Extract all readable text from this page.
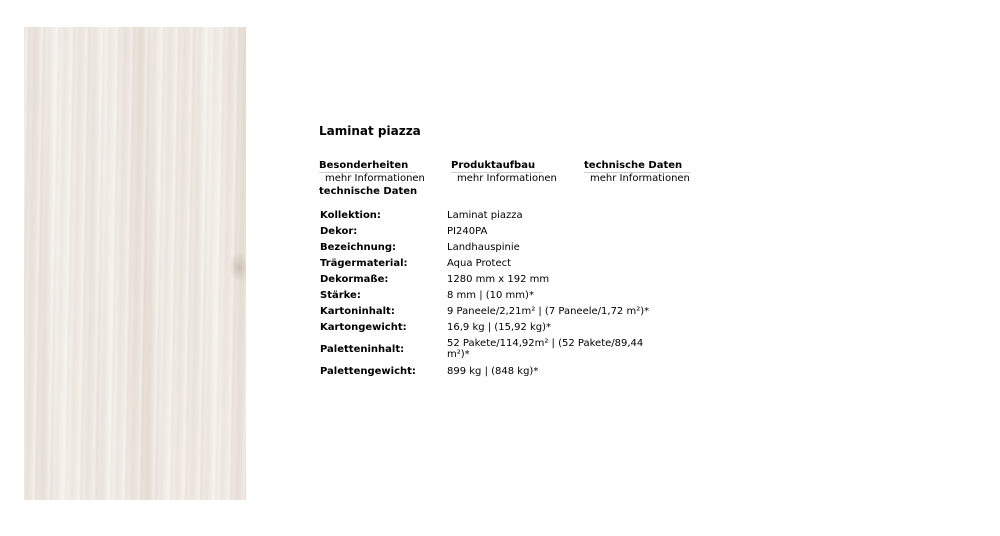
Laminat piazza
Besonderheiten
mehr Informationen
Produktaufbau
mehr Informationen
technische Daten
mehr Informationen
technische Daten
Kollektion:	Laminat piazza
Dekor:	PI240PA
Bezeichnung:	Landhauspinie
Trägermaterial:	Aqua Protect
Dekormaße:	1280 mm x 192 mm
Stärke:	8 mm | (10 mm)*
Kartoninhalt:	9 Paneele/2,21m² | (7 Paneele/1,72 m²)*
Kartongewicht:	16,9 kg | (15,92 kg)*
Paletteninhalt:	52 Pakete/114,92m² | (52 Pakete/89,44 m²)*
Palettengewicht:	899 kg | (848 kg)*
